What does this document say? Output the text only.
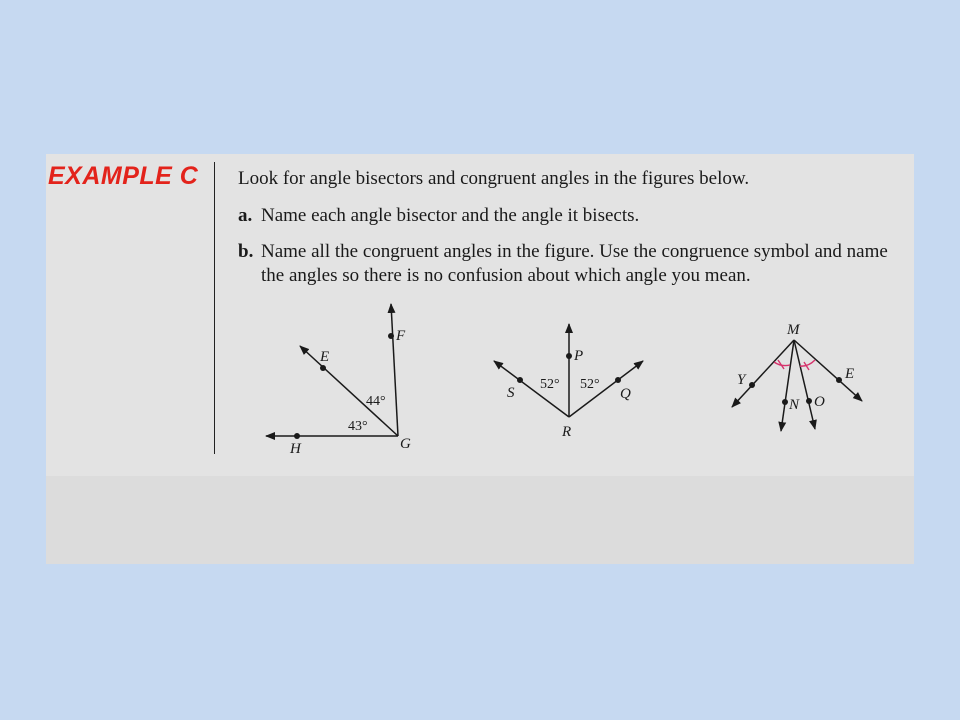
EXAMPLE C Look for angle bisectors and congruent angles in the figures below.
a. Name each angle bisector and the angle it bisects.
b. Name all the congruent angles in the figure. Use the congruence symbol and name the angles so there is no confusion about which angle you mean.
E
F
G
H
44°
43°
P
S	Q
R
52° 52°
M
Y	E
N O
